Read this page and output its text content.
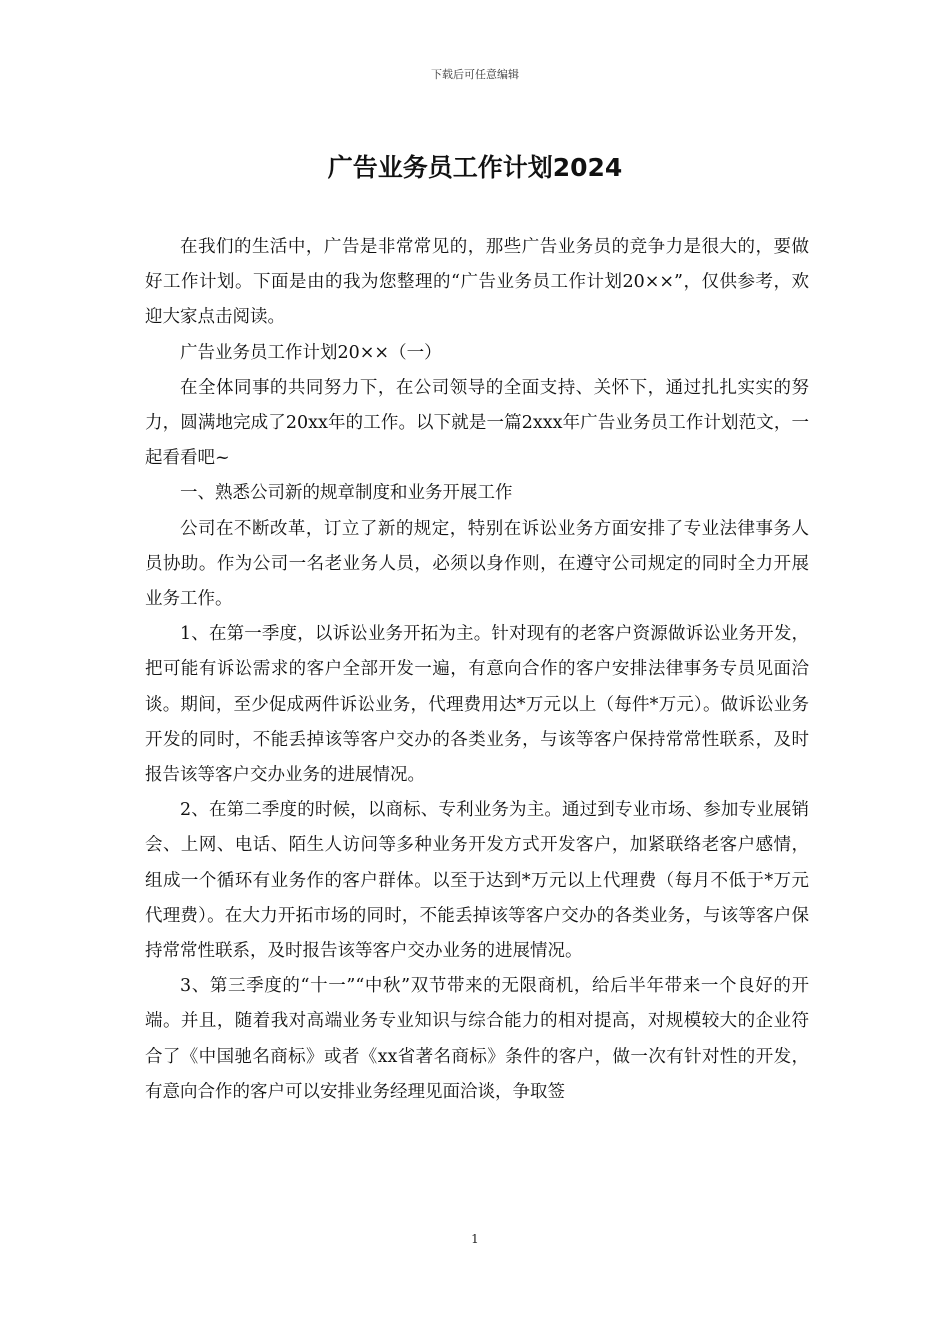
下载后可任意编辑
广告业务员工作计划2024

在我们的生活中，广告是非常常见的，那些广告业务员的竞争力是很大的，要做好工作计划。下面是由的我为您整理的“广告业务员工作计划20××”，仅供参考，欢迎大家点击阅读。

广告业务员工作计划20××（一）

在全体同事的共同努力下，在公司领导的全面支持、关怀下，通过扎扎实实的努力，圆满地完成了20xx年的工作。以下就是一篇2xxx年广告业务员工作计划范文，一起看看吧~

一、熟悉公司新的规章制度和业务开展工作

公司在不断改革，订立了新的规定，特别在诉讼业务方面安排了专业法律事务人员协助。作为公司一名老业务人员，必须以身作则，在遵守公司规定的同时全力开展业务工作。

1、在第一季度，以诉讼业务开拓为主。针对现有的老客户资源做诉讼业务开发，把可能有诉讼需求的客户全部开发一遍，有意向合作的客户安排法律事务专员见面洽谈。期间，至少促成两件诉讼业务，代理费用达*万元以上（每件*万元）。做诉讼业务开发的同时，不能丢掉该等客户交办的各类业务，与该等客户保持常常性联系，及时报告该等客户交办业务的进展情况。

2、在第二季度的时候，以商标、专利业务为主。通过到专业市场、参加专业展销会、上网、电话、陌生人访问等多种业务开发方式开发客户，加紧联络老客户感情，组成一个循环有业务作的客户群体。以至于达到*万元以上代理费（每月不低于*万元代理费）。在大力开拓市场的同时，不能丢掉该等客户交办的各类业务，与该等客户保持常常性联系，及时报告该等客户交办业务的进展情况。

3、第三季度的“十一”“中秋”双节带来的无限商机，给后半年带来一个良好的开端。并且，随着我对高端业务专业知识与综合能力的相对提高，对规模较大的企业符合了《中国驰名商标》或者《xx省著名商标》条件的客户，做一次有针对性的开发，有意向合作的客户可以安排业务经理见面洽谈，争取签

1
